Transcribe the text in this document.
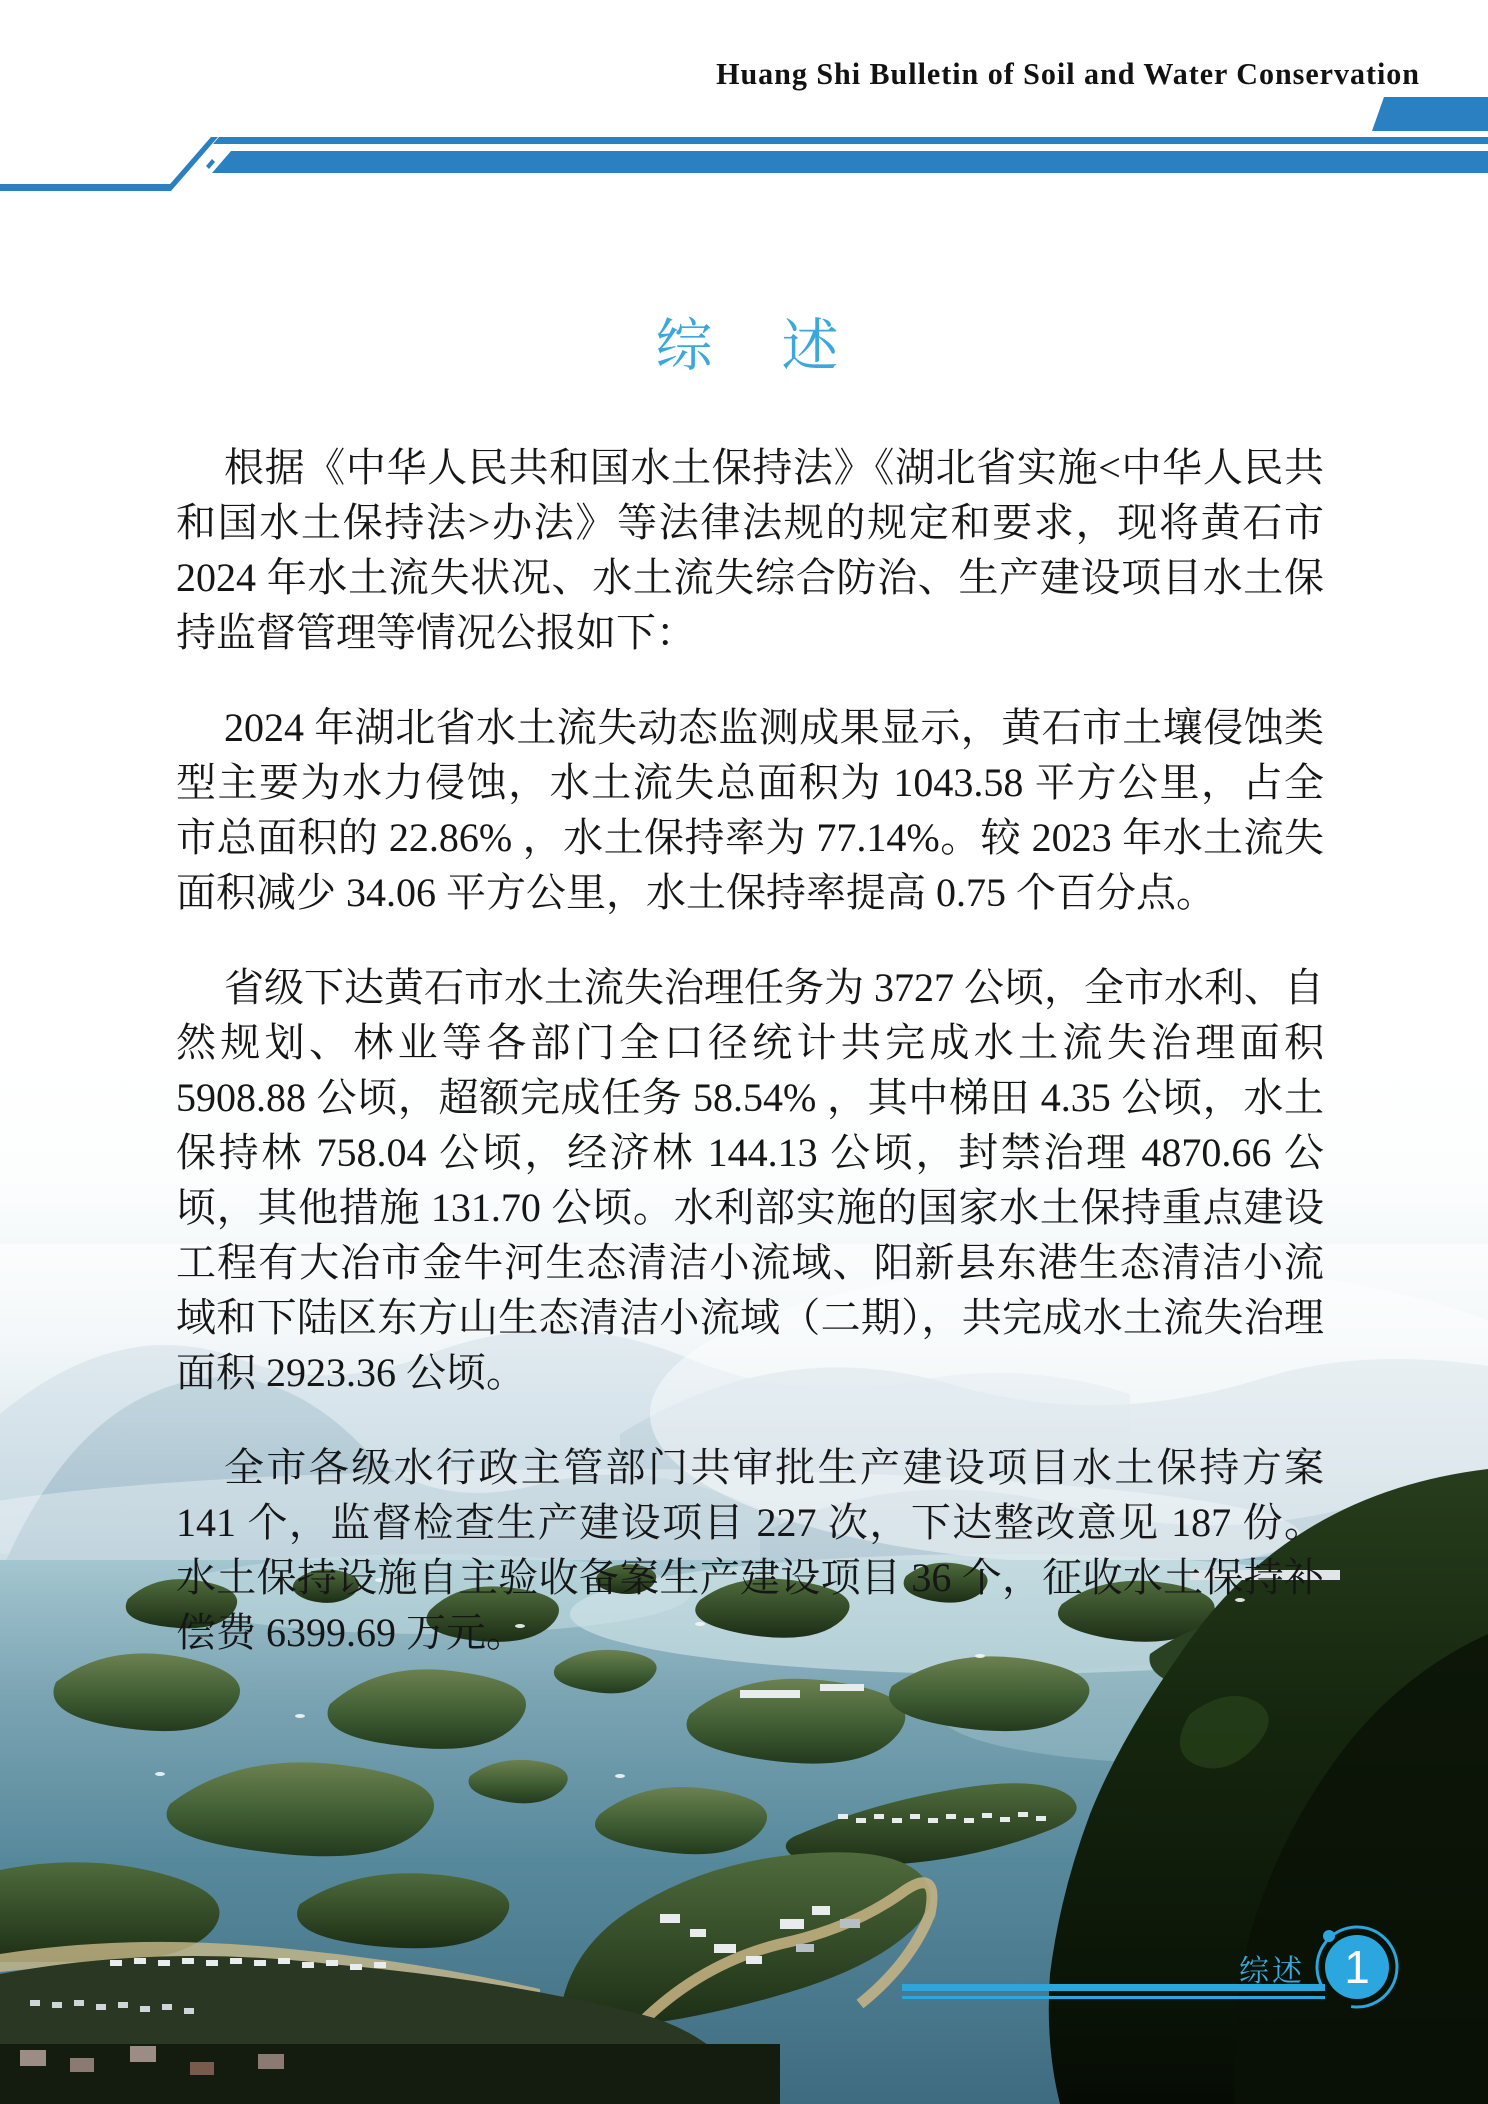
Huang Shi Bulletin of Soil and Water Conservation
综　述

根据《中华人民共和国水土保持法》《湖北省实施<中华人民共和国水土保持法>办法》等法律法规的规定和要求，现将黄石市 2024 年水土流失状况、水土流失综合防治、生产建设项目水土保持监督管理等情况公报如下：

2024 年湖北省水土流失动态监测成果显示，黄石市土壤侵蚀类型主要为水力侵蚀，水土流失总面积为 1043.58 平方公里，占全市总面积的 22.86% ，水土保持率为 77.14%。较 2023 年水土流失面积减少 34.06 平方公里，水土保持率提高 0.75 个百分点。

省级下达黄石市水土流失治理任务为 3727 公顷，全市水利、自然规划、林业等各部门全口径统计共完成水土流失治理面积 5908.88 公顷，超额完成任务 58.54% ，其中梯田 4.35 公顷，水土保持林 758.04 公顷，经济林 144.13 公顷，封禁治理 4870.66 公顷，其他措施 131.70 公顷。水利部实施的国家水土保持重点建设工程有大冶市金牛河生态清洁小流域、阳新县东港生态清洁小流域和下陆区东方山生态清洁小流域（二期），共完成水土流失治理面积 2923.36 公顷。

全市各级水行政主管部门共审批生产建设项目水土保持方案 141 个，监督检查生产建设项目 227 次，下达整改意见 187 份。水土保持设施自主验收备案生产建设项目 36 个，征收水土保持补偿费 6399.69 万元。

综述 1
